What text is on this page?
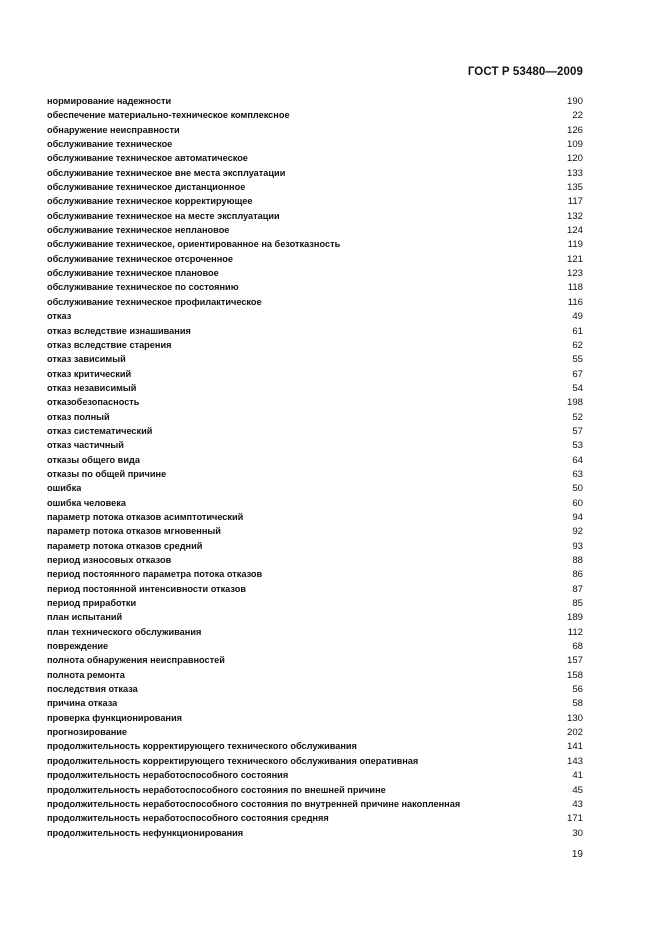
ГОСТ Р 53480—2009
нормирование надежности	190
обеспечение материально-техническое комплексное	22
обнаружение неисправности	126
обслуживание техническое	109
обслуживание техническое автоматическое	120
обслуживание техническое вне места эксплуатации	133
обслуживание техническое дистанционное	135
обслуживание техническое корректирующее	117
обслуживание техническое на месте эксплуатации	132
обслуживание техническое неплановое	124
обслуживание техническое, ориентированное на безотказность	119
обслуживание техническое отсроченное	121
обслуживание техническое плановое	123
обслуживание техническое по состоянию	118
обслуживание техническое профилактическое	116
отказ	49
отказ вследствие изнашивания	61
отказ вследствие старения	62
отказ зависимый	55
отказ критический	67
отказ независимый	54
отказобезопасность	198
отказ полный	52
отказ систематический	57
отказ частичный	53
отказы общего вида	64
отказы по общей причине	63
ошибка	50
ошибка человека	60
параметр потока отказов асимптотический	94
параметр потока отказов мгновенный	92
параметр потока отказов средний	93
период износовых отказов	88
период постоянного параметра потока отказов	86
период постоянной интенсивности отказов	87
период приработки	85
план испытаний	189
план технического обслуживания	112
повреждение	68
полнота обнаружения неисправностей	157
полнота ремонта	158
последствия отказа	56
причина отказа	58
проверка функционирования	130
прогнозирование	202
продолжительность корректирующего технического обслуживания	141
продолжительность корректирующего технического обслуживания оперативная	143
продолжительность неработоспособного состояния	41
продолжительность неработоспособного состояния по внешней причине	45
продолжительность неработоспособного состояния по внутренней причине накопленная	43
продолжительность неработоспособного состояния средняя	171
продолжительность нефункционирования	30
19
